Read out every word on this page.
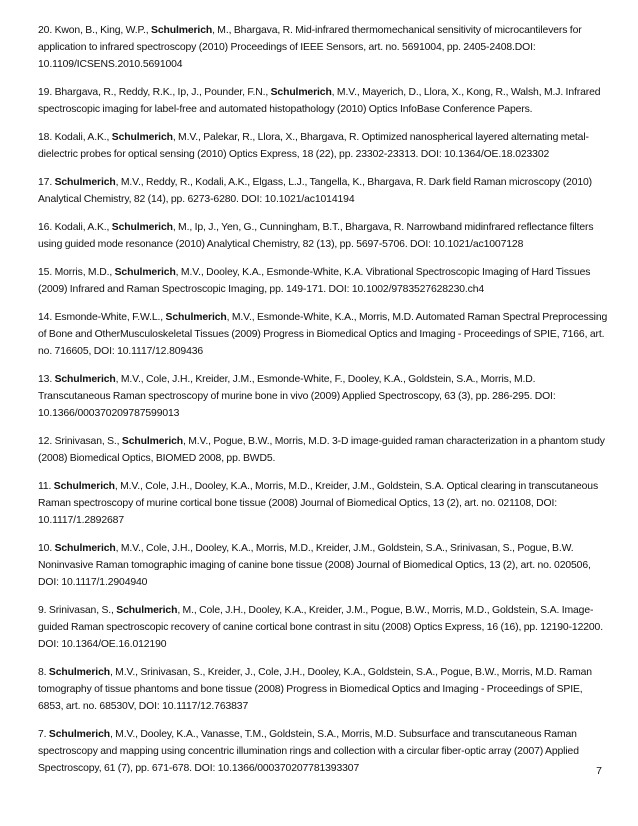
20. Kwon, B., King, W.P., Schulmerich, M., Bhargava, R. Mid-infrared thermomechanical sensitivity of microcantilevers for application to infrared spectroscopy (2010) Proceedings of IEEE Sensors, art. no. 5691004, pp. 2405-2408.DOI: 10.1109/ICSENS.2010.5691004

19. Bhargava, R., Reddy, R.K., Ip, J., Pounder, F.N., Schulmerich, M.V., Mayerich, D., Llora, X., Kong, R., Walsh, M.J. Infrared spectroscopic imaging for label-free and automated histopathology (2010) Optics InfoBase Conference Papers.

18. Kodali, A.K., Schulmerich, M.V., Palekar, R., Llora, X., Bhargava, R. Optimized nanospherical layered alternating metal-dielectric probes for optical sensing (2010) Optics Express, 18 (22), pp. 23302-23313. DOI: 10.1364/OE.18.023302

17. Schulmerich, M.V., Reddy, R., Kodali, A.K., Elgass, L.J., Tangella, K., Bhargava, R. Dark field Raman microscopy (2010) Analytical Chemistry, 82 (14), pp. 6273-6280. DOI: 10.1021/ac1014194

16. Kodali, A.K., Schulmerich, M., Ip, J., Yen, G., Cunningham, B.T., Bhargava, R. Narrowband midinfrared reflectance filters using guided mode resonance (2010) Analytical Chemistry, 82 (13), pp. 5697-5706. DOI: 10.1021/ac1007128

15. Morris, M.D., Schulmerich, M.V., Dooley, K.A., Esmonde-White, K.A. Vibrational Spectroscopic Imaging of Hard Tissues (2009) Infrared and Raman Spectroscopic Imaging, pp. 149-171. DOI: 10.1002/9783527628230.ch4

14. Esmonde-White, F.W.L., Schulmerich, M.V., Esmonde-White, K.A., Morris, M.D. Automated Raman Spectral Preprocessing of Bone and OtherMusculoskeletal Tissues (2009) Progress in Biomedical Optics and Imaging - Proceedings of SPIE, 7166, art. no. 716605, DOI: 10.1117/12.809436

13. Schulmerich, M.V., Cole, J.H., Kreider, J.M., Esmonde-White, F., Dooley, K.A., Goldstein, S.A., Morris, M.D. Transcutaneous Raman spectroscopy of murine bone in vivo (2009) Applied Spectroscopy, 63 (3), pp. 286-295. DOI: 10.1366/000370209787599013

12. Srinivasan, S., Schulmerich, M.V., Pogue, B.W., Morris, M.D. 3-D image-guided raman characterization in a phantom study (2008) Biomedical Optics, BIOMED 2008, pp. BWD5.

11. Schulmerich, M.V., Cole, J.H., Dooley, K.A., Morris, M.D., Kreider, J.M., Goldstein, S.A. Optical clearing in transcutaneous Raman spectroscopy of murine cortical bone tissue (2008) Journal of Biomedical Optics, 13 (2), art. no. 021108, DOI: 10.1117/1.2892687

10. Schulmerich, M.V., Cole, J.H., Dooley, K.A., Morris, M.D., Kreider, J.M., Goldstein, S.A., Srinivasan, S., Pogue, B.W. Noninvasive Raman tomographic imaging of canine bone tissue (2008) Journal of Biomedical Optics, 13 (2), art. no. 020506, DOI: 10.1117/1.2904940

9. Srinivasan, S., Schulmerich, M., Cole, J.H., Dooley, K.A., Kreider, J.M., Pogue, B.W., Morris, M.D., Goldstein, S.A. Image-guided Raman spectroscopic recovery of canine cortical bone contrast in situ (2008) Optics Express, 16 (16), pp. 12190-12200. DOI: 10.1364/OE.16.012190

8. Schulmerich, M.V., Srinivasan, S., Kreider, J., Cole, J.H., Dooley, K.A., Goldstein, S.A., Pogue, B.W., Morris, M.D. Raman tomography of tissue phantoms and bone tissue (2008) Progress in Biomedical Optics and Imaging - Proceedings of SPIE, 6853, art. no. 68530V, DOI: 10.1117/12.763837

7. Schulmerich, M.V., Dooley, K.A., Vanasse, T.M., Goldstein, S.A., Morris, M.D. Subsurface and transcutaneous Raman spectroscopy and mapping using concentric illumination rings and collection with a circular fiber-optic array (2007) Applied Spectroscopy, 61 (7), pp. 671-678. DOI: 10.1366/000370207781393307	7
